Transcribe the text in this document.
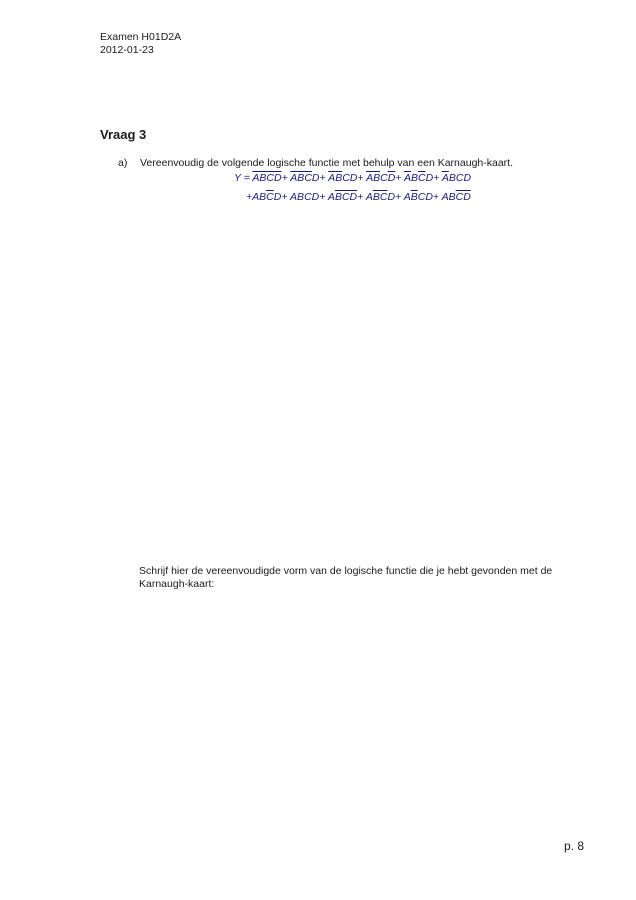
Examen H01D2A
2012-01-23
Vraag 3
a) Vereenvoudig de volgende logische functie met behulp van een Karnaugh-kaart.
$Y = \overline{A}\overline{B}\overline{C}\overline{D}+ \overline{A}\overline{B}\overline{C}D+ \overline{A}\overline{B}CD+ \overline{A}\overline{B}C\overline{D}+ \overline{A}B\overline{C}D+ \overline{A}BCD$
$+AB\overline{C}D+$ ABCD+ $A\overline{B}\overline{C}\overline{D}+ A\overline{B}\overline{C}D+ A\overline{B}CD+ AB\overline{C}\overline{D}$
Schrijf hier de vereenvoudigde vorm van de logische functie die je hebt gevonden met de Karnaugh-kaart:
p. 8
